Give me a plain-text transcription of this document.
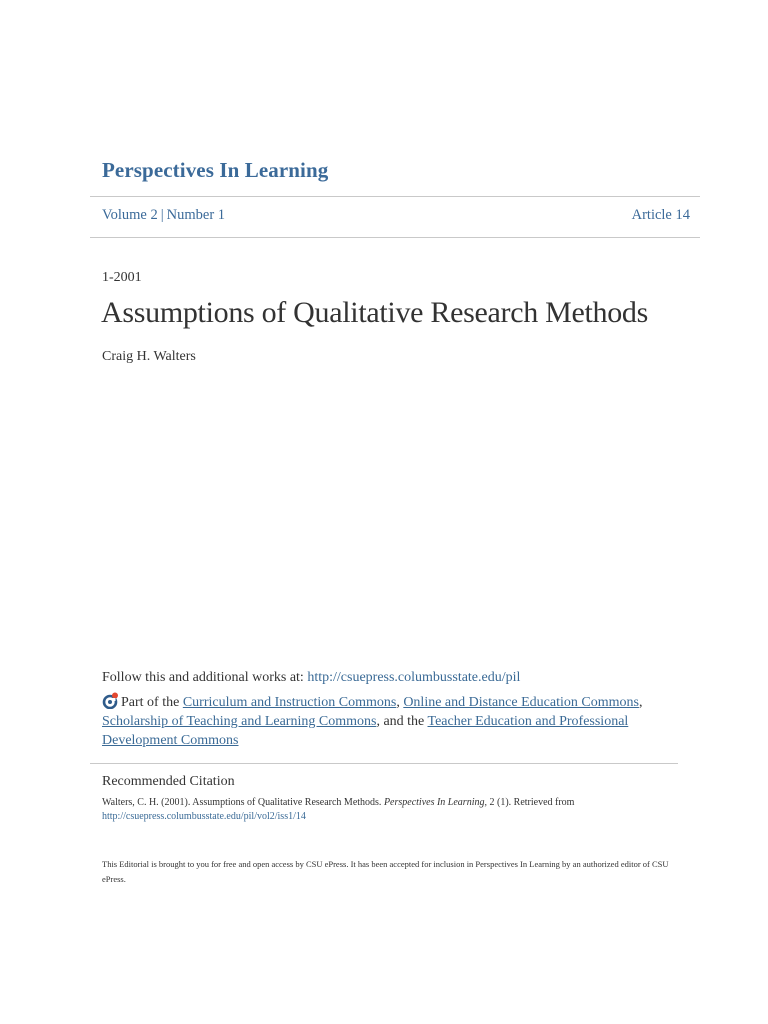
Perspectives In Learning
Volume 2 | Number 1	Article 14
1-2001
Assumptions of Qualitative Research Methods
Craig H. Walters
Follow this and additional works at: http://csuepress.columbusstate.edu/pil
Part of the Curriculum and Instruction Commons, Online and Distance Education Commons, Scholarship of Teaching and Learning Commons, and the Teacher Education and Professional Development Commons
Recommended Citation
Walters, C. H. (2001). Assumptions of Qualitative Research Methods. Perspectives In Learning, 2 (1). Retrieved from
http://csuepress.columbusstate.edu/pil/vol2/iss1/14
This Editorial is brought to you for free and open access by CSU ePress. It has been accepted for inclusion in Perspectives In Learning by an authorized editor of CSU ePress.
